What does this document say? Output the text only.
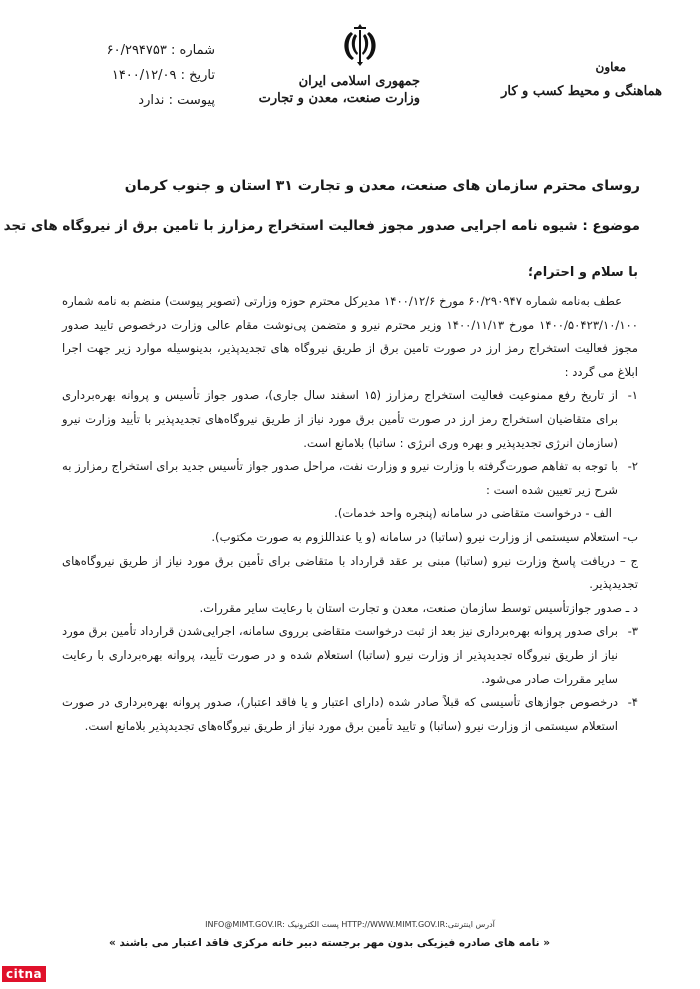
شماره : ۶۰/۲۹۴۷۵۳
تاریخ : ۱۴۰۰/۱۲/۰۹
پیوست : ندارد
جمهوری اسلامی ایران
وزارت صنعت، معدن و تجارت
معاون
هماهنگی و محیط کسب و کار
روسای محترم سازمان های صنعت، معدن و تجارت ۳۱ استان و جنوب کرمان
موضوع : شیوه نامه اجرایی صدور مجوز فعالیت استخراج رمزارز با تامین برق از نیروگاه های تجد
با سلام و احترام؛

عطف به‌نامه شماره ۶۰/۲۹۰۹۴۷ مورخ ۱۴۰۰/۱۲/۶ مدیرکل محترم حوزه وزارتی (تصویر پیوست) منضم به نامه شماره ۱۴۰۰/۵۰۴۲۳/۱۰/۱۰۰ مورخ ۱۴۰۰/۱۱/۱۳ وزیر محترم نیرو و متضمن پی‌نوشت مقام عالی وزارت درخصوص تایید صدور مجوز فعالیت استخراج رمز ارز در صورت تامین برق از طریق نیروگاه های تجدیدپذیر، بدینوسیله موارد زیر جهت اجرا ابلاغ می گردد :

۱-
از تاریخ رفع ممنوعیت فعالیت استخراج رمزارز (۱۵ اسفند سال جاری)، صدور جواز تأسیس و پروانه بهره‌برداری برای متقاضیان استخراج رمز ارز در صورت تأمین برق مورد نیاز از طریق نیروگاه‌های تجدیدپذیر با تأیید وزارت نیرو (سازمان انرژی تجدیدپذیر و بهره وری انرژی : ساتبا) بلامانع است.
۲-
با توجه به تفاهم صورت‌گرفته با وزارت نیرو و وزارت نفت، مراحل صدور جواز تأسیس جدید برای استخراج رمزارز به شرح زیر تعیین شده است :

الف - درخواست متقاضی در سامانه (پنجره واحد خدمات).

ب- استعلام سیستمی از وزارت نیرو (ساتبا) در سامانه (و یا عنداللزوم به صورت مکتوب).

ج – دریافت پاسخ وزارت نیرو (ساتبا) مبنی بر عقد قرارداد با متقاضی برای تأمین برق مورد نیاز از طریق نیروگاه‌های تجدیدپذیر.

د ـ صدور جوازتأسیس توسط سازمان صنعت، معدن و تجارت استان با رعایت سایر مقررات.

۳-
برای صدور پروانه بهره‌برداری نیز بعد از ثبت درخواست متقاضی برروی سامانه، اجرایی‌شدن قرارداد تأمین برق مورد نیاز از طریق نیروگاه تجدیدپذیر از وزارت نیرو (ساتبا) استعلام شده و در صورت تأیید، پروانه بهره‌برداری با رعایت سایر مقررات صادر می‌شود.
۴-
درخصوص جوازهای تأسیسی که قبلاً صادر شده (دارای اعتبار و یا فاقد اعتبار)، صدور پروانه بهره‌برداری در صورت استعلام سیستمی از وزارت نیرو (ساتبا) و تایید تأمین برق مورد نیاز از طریق نیروگاه‌های تجدیدپذیر بلامانع است.
آدرس اینترنتی:HTTP://WWW.MIMT.GOV.IR پست الکترونیک :INFO@MIMT.GOV.IR
« نامه های صادره فیزیکی بدون مهر برجسته دبیر خانه مرکزی فاقد اعتبار می باشند »
citna
